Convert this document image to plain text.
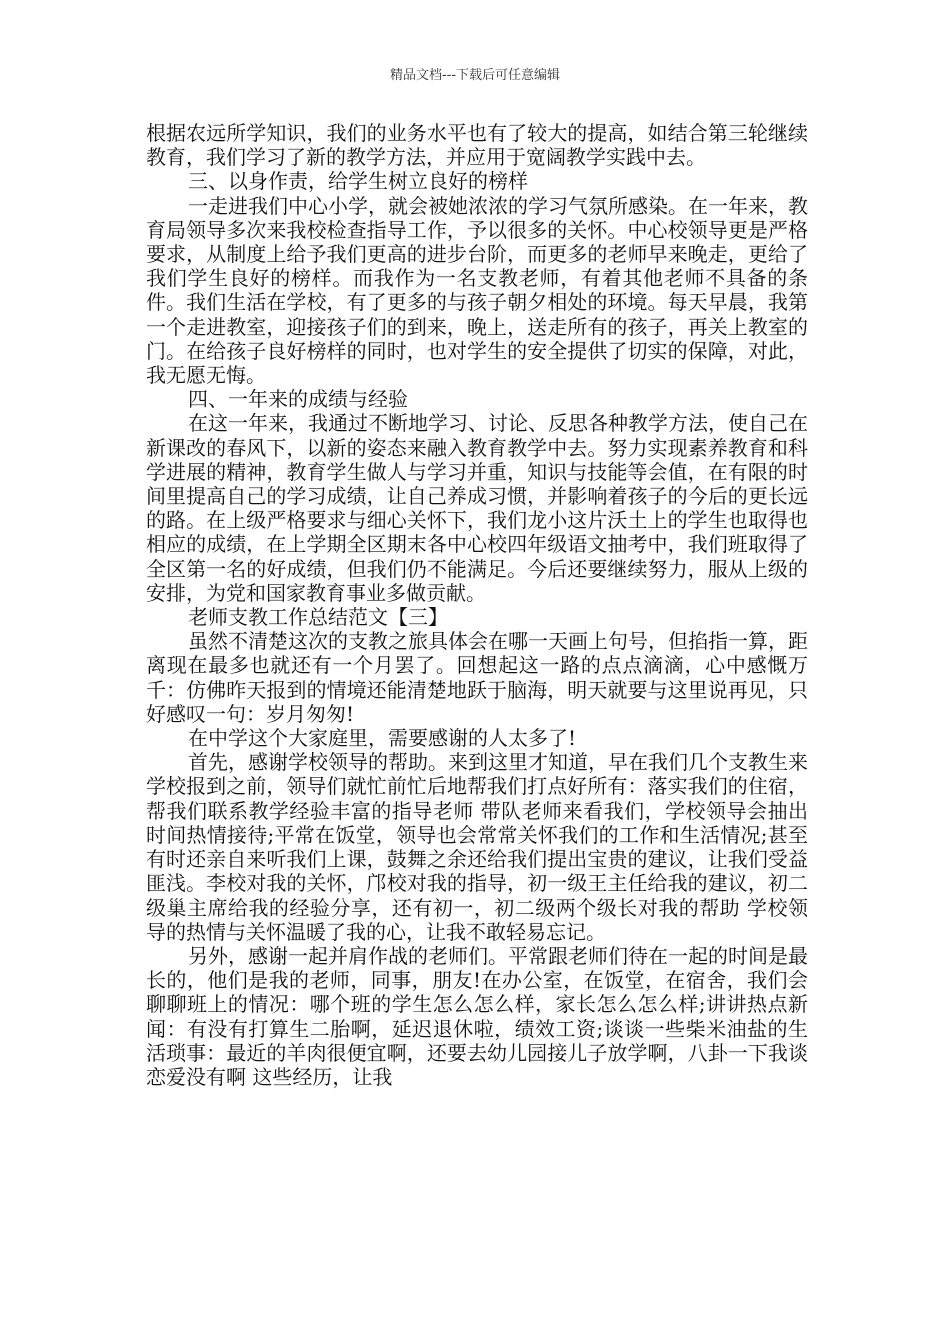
精品文档---下载后可任意编辑

根据农远所学知识，我们的业务水平也有了较大的提高，如结合第三轮继续教育，我们学习了新的教学方法，并应用于宽阔教学实践中去。

三、以身作责，给学生树立良好的榜样

一走进我们中心小学，就会被她浓浓的学习气氛所感染。在一年来，教育局领导多次来我校检查指导工作，予以很多的关怀。中心校领导更是严格要求，从制度上给予我们更高的进步台阶，而更多的老师早来晚走，更给了我们学生良好的榜样。而我作为一名支教老师，有着其他老师不具备的条件。我们生活在学校，有了更多的与孩子朝夕相处的环境。每天早晨，我第一个走进教室，迎接孩子们的到来，晚上，送走所有的孩子，再关上教室的门。在给孩子良好榜样的同时，也对学生的安全提供了切实的保障，对此，我无愿无悔。

四、一年来的成绩与经验

在这一年来，我通过不断地学习、讨论、反思各种教学方法，使自己在新课改的春风下，以新的姿态来融入教育教学中去。努力实现素养教育和科学进展的精神，教育学生做人与学习并重，知识与技能等会值，在有限的时间里提高自己的学习成绩，让自己养成习惯，并影响着孩子的今后的更长远的路。在上级严格要求与细心关怀下，我们龙小这片沃土上的学生也取得也相应的成绩，在上学期全区期末各中心校四年级语文抽考中，我们班取得了全区第一名的好成绩，但我们仍不能满足。今后还要继续努力，服从上级的安排，为党和国家教育事业多做贡献。

老师支教工作总结范文【三】

虽然不清楚这次的支教之旅具体会在哪一天画上句号，但掐指一算，距离现在最多也就还有一个月罢了。回想起这一路的点点滴滴，心中感慨万千：仿佛昨天报到的情境还能清楚地跃于脑海，明天就要与这里说再见，只好感叹一句：岁月匆匆!

在中学这个大家庭里，需要感谢的人太多了!

首先，感谢学校领导的帮助。来到这里才知道，早在我们几个支教生来学校报到之前，领导们就忙前忙后地帮我们打点好所有：落实我们的住宿，帮我们联系教学经验丰富的指导老师 带队老师来看我们，学校领导会抽出时间热情接待;平常在饭堂，领导也会常常关怀我们的工作和生活情况;甚至有时还亲自来听我们上课，鼓舞之余还给我们提出宝贵的建议，让我们受益匪浅。李校对我的关怀，邝校对我的指导，初一级王主任给我的建议，初二级巢主席给我的经验分享，还有初一，初二级两个级长对我的帮助 学校领导的热情与关怀温暖了我的心，让我不敢轻易忘记。

另外，感谢一起并肩作战的老师们。平常跟老师们待在一起的时间是最长的，他们是我的老师，同事，朋友!在办公室，在饭堂，在宿舍，我们会聊聊班上的情况：哪个班的学生怎么怎么样，家长怎么怎么样;讲讲热点新闻：有没有打算生二胎啊，延迟退休啦，绩效工资;谈谈一些柴米油盐的生活琐事：最近的羊肉很便宜啊，还要去幼儿园接儿子放学啊，八卦一下我谈恋爱没有啊 这些经历，让我
